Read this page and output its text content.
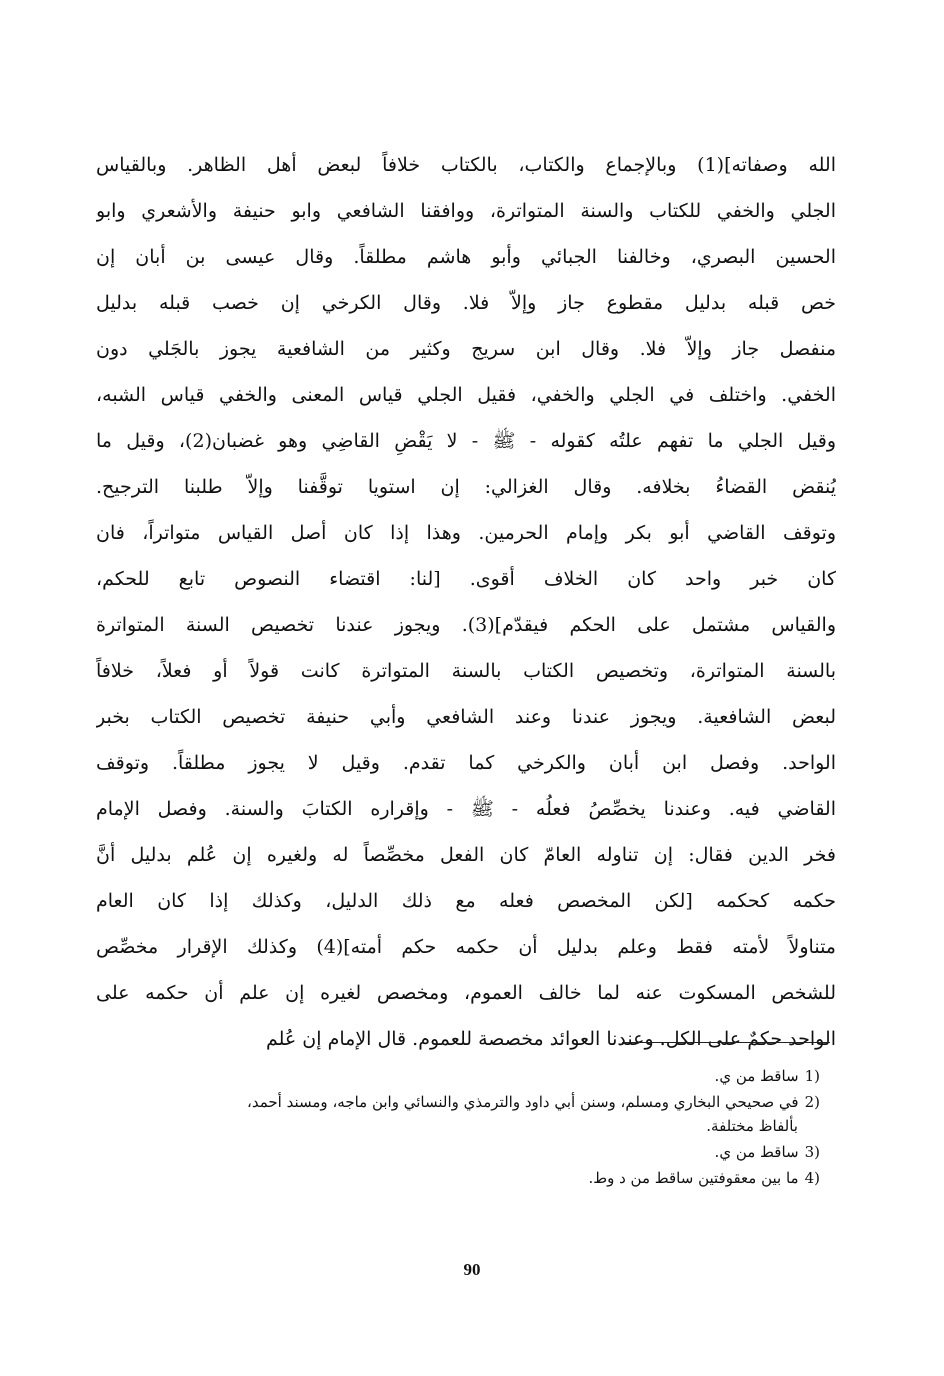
الله وصفاته](1) وبالإجماع والكتاب، بالكتاب خلافاً لبعض أهل الظاهر. وبالقياس
الجلي والخفي للكتاب والسنة المتواترة، ووافقنا الشافعي وابو حنيفة والأشعري وابو
الحسين البصري، وخالفنا الجبائي وأبو هاشم مطلقاً. وقال عيسى بن أبان إن
خص قبله بدليل مقطوع جاز وإلاّ فلا. وقال الكرخي إن خصب قبله بدليل
منفصل جاز وإلاّ فلا. وقال ابن سريج وكثير من الشافعية يجوز بالجَلي دون
الخفي. واختلف في الجلي والخفي، فقيل الجلي قياس المعنى والخفي قياس الشبه،
وقيل الجلي ما تفهم علتُه كقوله - ﷺ - لا يَقْضِ القاضِي وهو غضبان(2)، وقيل ما
يُنقض القضاءُ بخلافه. وقال الغزالي: إن استويا توقَّفنا وإلاّ طلبنا الترجيح.
وتوقف القاضي أبو بكر وإمام الحرمين. وهذا إذا كان أصل القياس متواتراً، فان
كان خبر واحد كان الخلاف أقوى. [لنا: اقتضاء النصوص تابع للحكم،
والقياس مشتمل على الحكم فيقدّم](3). ويجوز عندنا تخصيص السنة المتواترة
بالسنة المتواترة، وتخصيص الكتاب بالسنة المتواترة كانت قولاً أو فعلاً، خلافاً
لبعض الشافعية. ويجوز عندنا وعند الشافعي وأبي حنيفة تخصيص الكتاب بخبر
الواحد. وفصل ابن أبان والكرخي كما تقدم. وقيل لا يجوز مطلقاً. وتوقف
القاضي فيه. وعندنا يخصِّصُ فعلُه - ﷺ - وإقراره الكتابَ والسنة. وفصل الإمام
فخر الدين فقال: إن تناوله العامّ كان الفعل مخصِّصاً له ولغيره إن عُلم بدليل أنَّ
حكمه كحكمه [لكن المخصص فعله مع ذلك الدليل، وكذلك إذا كان العام
متناولاً لأمته فقط وعلم بدليل أن حكمه حكم أمته](4) وكذلك الإقرار مخصِّص
للشخص المسكوت عنه لما خالف العموم، ومخصص لغيره إن علم أن حكمه على
الواحد حكمٌ على الكل. وعندنا العوائد مخصصة للعموم. قال الإمام إن عُلم
(1ساقط من ي.
(2في صحيحي البخاري ومسلم، وسنن أبي داود والترمذي والنسائي وابن ماجه، ومسند أحمد،
بألفاظ مختلفة.
(3ساقط من ي.
(4ما بين معقوفتين ساقط من د وط.
90
